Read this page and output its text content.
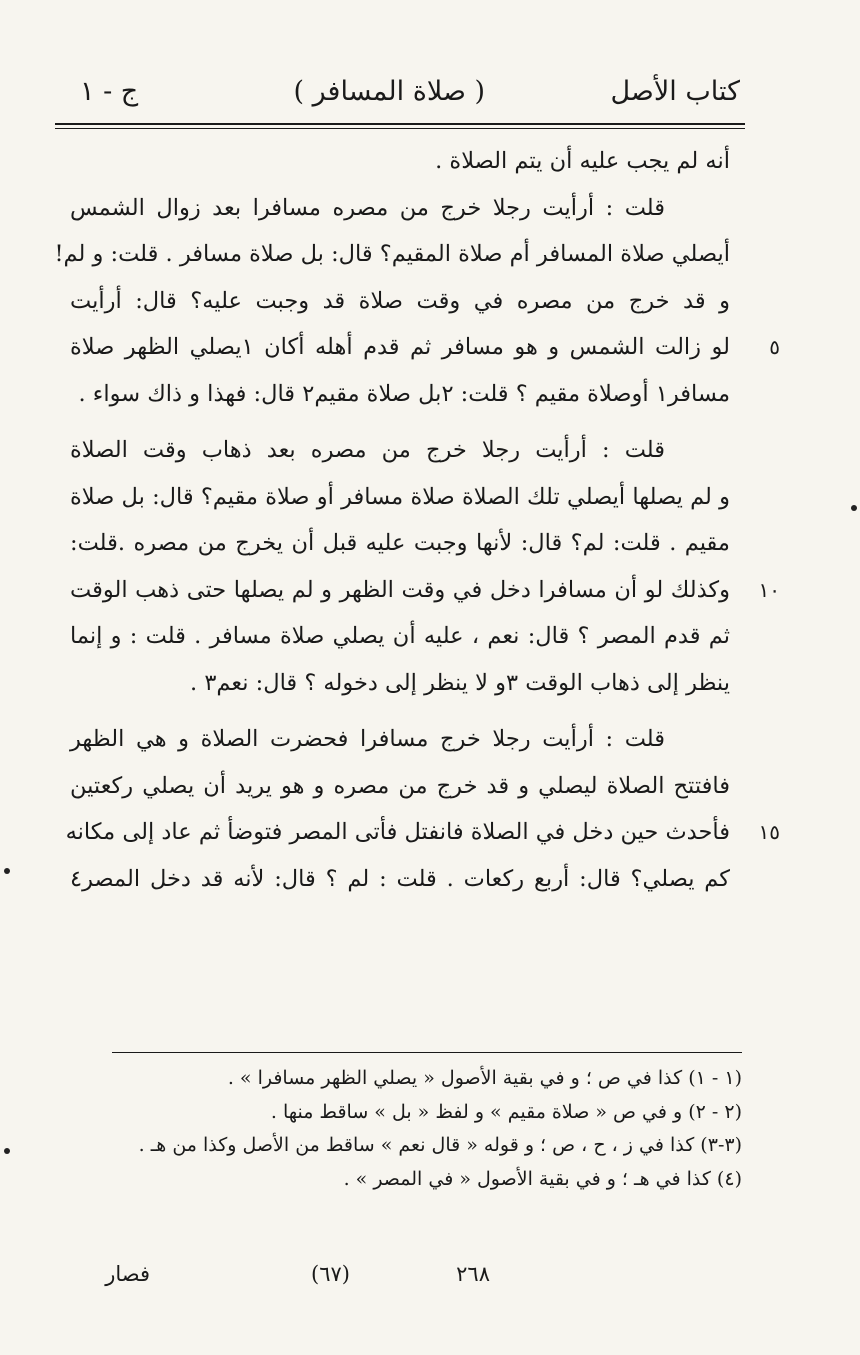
كتاب الأصل
( صلاة المسافر )
ج - ١
أنه لم يجب عليه أن يتم الصلاة .
قلت : أرأيت رجلا خرج من مصره مسافرا بعد زوال الشمس
أيصلي صلاة المسافر أم صلاة المقيم؟ قال: بل صلاة مسافر . قلت: و لم!
و قد خرج من مصره في وقت صلاة قد وجبت عليه؟ قال: أرأيت
٥
لو زالت الشمس و هو مسافر ثم قدم أهله أكان ١يصلي الظهر صلاة
مسافر١ أوصلاة مقيم ؟ قلت: ٢بل صلاة مقيم٢ قال: فهذا و ذاك سواء .
قلت : أرأيت رجلا خرج من مصره بعد ذهاب وقت الصلاة
و لم يصلها أيصلي تلك الصلاة صلاة مسافر أو صلاة مقيم؟ قال: بل صلاة
مقيم . قلت: لم؟ قال: لأنها وجبت عليه قبل أن يخرج من مصره .قلت:
١٠
وكذلك لو أن مسافرا دخل في وقت الظهر و لم يصلها حتى ذهب الوقت
ثم قدم المصر ؟ قال: نعم ، عليه أن يصلي صلاة مسافر . قلت : و إنما
ينظر إلى ذهاب الوقت ٣و لا ينظر إلى دخوله ؟ قال: نعم٣ .
قلت : أرأيت رجلا خرج مسافرا فحضرت الصلاة و هي الظهر
فافتتح الصلاة ليصلي و قد خرج من مصره و هو يريد أن يصلي ركعتين
١٥
فأحدث حين دخل في الصلاة فانفتل فأتى المصر فتوضأ ثم عاد إلى مكانه
كم يصلي؟ قال: أربع ركعات . قلت : لم ؟ قال: لأنه قد دخل المصر٤
(١ - ١) كذا في ص ؛ و في بقية الأصول « يصلي الظهر مسافرا » .
(٢ - ٢) و في ص « صلاة مقيم » و لفظ « بل » ساقط منها .
(٣-٣) كذا في ز ، ح ، ص ؛ و قوله « قال نعم » ساقط من الأصل وكذا من هـ .
(٤) كذا في هـ ؛ و في بقية الأصول « في المصر » .
٢٦٨
(٦٧)
فصار
